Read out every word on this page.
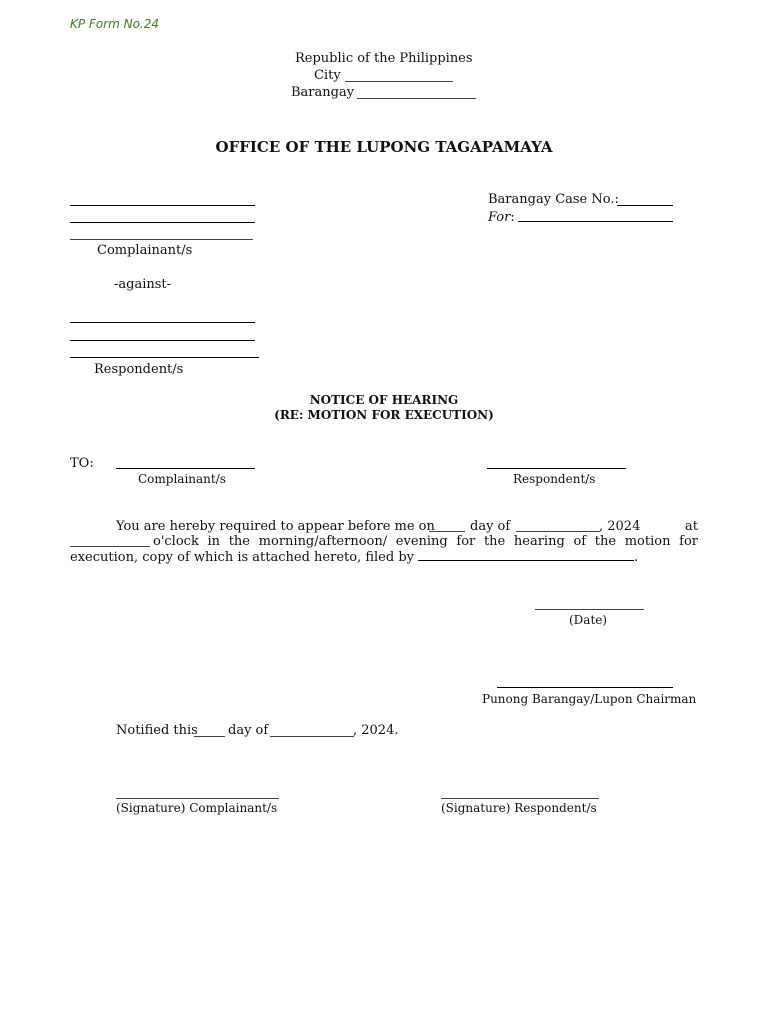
KP Form No.24
Republic of the Philippines
City
Barangay
OFFICE OF THE LUPONG TAGAPAMAYA
Complainant/s
Barangay Case No.:
For:
-against-
Respondent/s
NOTICE OF HEARING
(RE: MOTION FOR EXECUTION)
TO:
Complainant/s	Respondent/s
You are hereby required to appear before me on	day of	, 2024	at
o'clock in the morning/afternoon/ evening for the hearing of the motion for execution, copy of which is attached hereto, filed by	.
(Date)
Punong Barangay/Lupon Chairman
Notified this day of	, 2024.
(Signature) Complainant/s	(Signature) Respondent/s
